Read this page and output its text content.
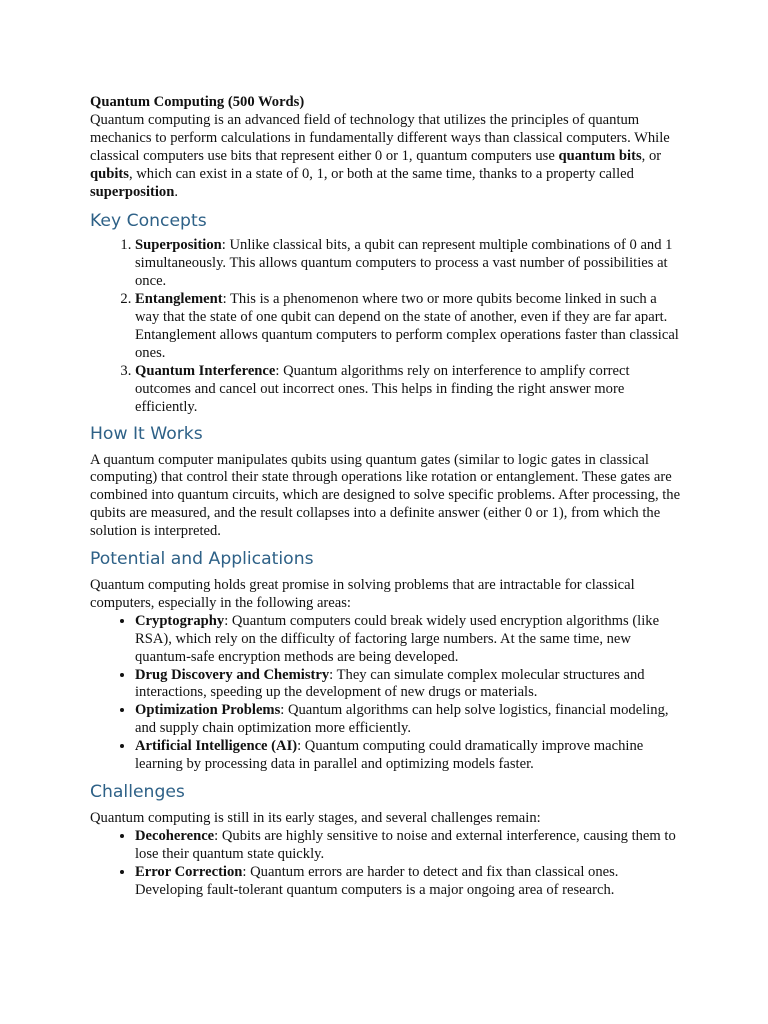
Quantum Computing (500 Words)

Quantum computing is an advanced field of technology that utilizes the principles of quantum mechanics to perform calculations in fundamentally different ways than classical computers. While classical computers use bits that represent either 0 or 1, quantum computers use quantum bits, or qubits, which can exist in a state of 0, 1, or both at the same time, thanks to a property called superposition.

Key Concepts
1. Superposition: Unlike classical bits, a qubit can represent multiple combinations of 0 and 1 simultaneously. This allows quantum computers to process a vast number of possibilities at once.
2. Entanglement: This is a phenomenon where two or more qubits become linked in such a way that the state of one qubit can depend on the state of another, even if they are far apart. Entanglement allows quantum computers to perform complex operations faster than classical ones.
3. Quantum Interference: Quantum algorithms rely on interference to amplify correct outcomes and cancel out incorrect ones. This helps in finding the right answer more efficiently.
How It Works

A quantum computer manipulates qubits using quantum gates (similar to logic gates in classical computing) that control their state through operations like rotation or entanglement. These gates are combined into quantum circuits, which are designed to solve specific problems. After processing, the qubits are measured, and the result collapses into a definite answer (either 0 or 1), from which the solution is interpreted.

Potential and Applications

Quantum computing holds great promise in solving problems that are intractable for classical computers, especially in the following areas:

• Cryptography: Quantum computers could break widely used encryption algorithms (like RSA), which rely on the difficulty of factoring large numbers. At the same time, new quantum-safe encryption methods are being developed.
• Drug Discovery and Chemistry: They can simulate complex molecular structures and interactions, speeding up the development of new drugs or materials.
• Optimization Problems: Quantum algorithms can help solve logistics, financial modeling, and supply chain optimization more efficiently.
• Artificial Intelligence (AI): Quantum computing could dramatically improve machine learning by processing data in parallel and optimizing models faster.
Challenges

Quantum computing is still in its early stages, and several challenges remain:

• Decoherence: Qubits are highly sensitive to noise and external interference, causing them to lose their quantum state quickly.
• Error Correction: Quantum errors are harder to detect and fix than classical ones. Developing fault-tolerant quantum computers is a major ongoing area of research.
